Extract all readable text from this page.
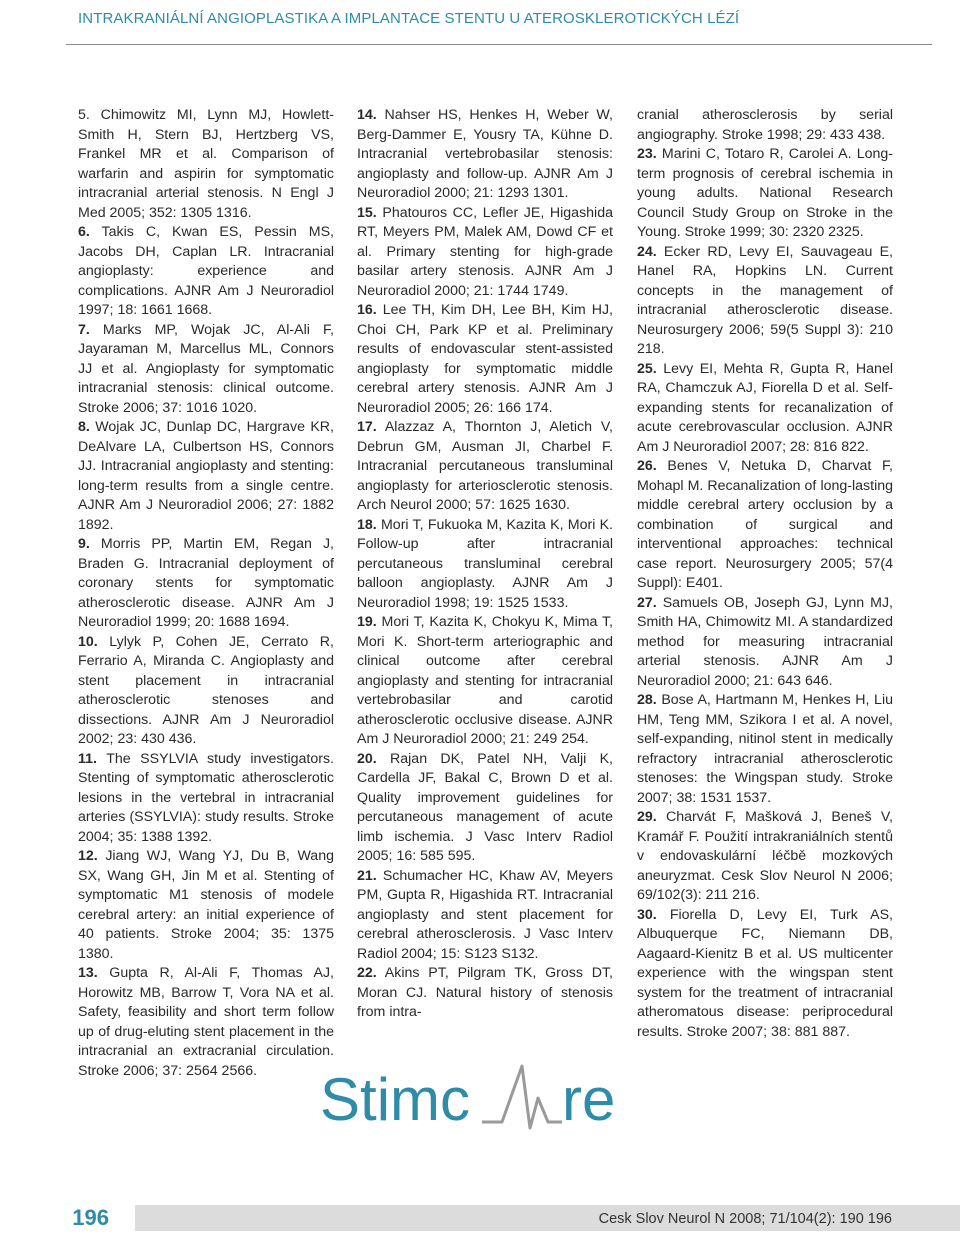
INTRAKRANIÁLNÍ ANGIOPLASTIKA A IMPLANTACE STENTU U ATEROSKLEROTICKÝCH LÉZÍ

5. Chimowitz MI, Lynn MJ, Howlett-Smith H, Stern BJ, Hertzberg VS, Frankel MR et al. Comparison of warfarin and aspirin for symptomatic intracranial arterial stenosis. N Engl J Med 2005; 352: 1305 1316.

6. Takis C, Kwan ES, Pessin MS, Jacobs DH, Caplan LR. Intracranial angioplasty: experience and complications. AJNR Am J Neuroradiol 1997; 18: 1661 1668.

7. Marks MP, Wojak JC, Al-Ali F, Jayaraman M, Marcellus ML, Connors JJ et al. Angioplasty for symptomatic intracranial stenosis: clinical outcome. Stroke 2006; 37: 1016 1020.

8. Wojak JC, Dunlap DC, Hargrave KR, DeAlvare LA, Culbertson HS, Connors JJ. Intracranial angioplasty and stenting: long-term results from a single centre. AJNR Am J Neuroradiol 2006; 27: 1882 1892.

9. Morris PP, Martin EM, Regan J, Braden G. Intracranial deployment of coronary stents for symptomatic atherosclerotic disease. AJNR Am J Neuroradiol 1999; 20: 1688 1694.

10. Lylyk P, Cohen JE, Cerrato R, Ferrario A, Miranda C. Angioplasty and stent placement in intracranial atherosclerotic stenoses and dissections. AJNR Am J Neuroradiol 2002; 23: 430 436.

11. The SSYLVIA study investigators. Stenting of symptomatic atherosclerotic lesions in the vertebral in intracranial arteries (SSYLVIA): study results. Stroke 2004; 35: 1388 1392.

12. Jiang WJ, Wang YJ, Du B, Wang SX, Wang GH, Jin M et al. Stenting of symptomatic M1 stenosis of modele cerebral artery: an initial experience of 40 patients. Stroke 2004; 35: 1375 1380.

13. Gupta R, Al-Ali F, Thomas AJ, Horowitz MB, Barrow T, Vora NA et al. Safety, feasibility and short term follow up of drug-eluting stent placement in the intracranial an extracranial circulation. Stroke 2006; 37: 2564 2566.

14. Nahser HS, Henkes H, Weber W, Berg-Dammer E, Yousry TA, Kühne D. Intracranial vertebrobasilar stenosis: angioplasty and follow-up. AJNR Am J Neuroradiol 2000; 21: 1293 1301.

15. Phatouros CC, Lefler JE, Higashida RT, Meyers PM, Malek AM, Dowd CF et al. Primary stenting for high-grade basilar artery stenosis. AJNR Am J Neuroradiol 2000; 21: 1744 1749.

16. Lee TH, Kim DH, Lee BH, Kim HJ, Choi CH, Park KP et al. Preliminary results of endovascular stent-assisted angioplasty for symptomatic middle cerebral artery stenosis. AJNR Am J Neuroradiol 2005; 26: 166 174.

17. Alazzaz A, Thornton J, Aletich V, Debrun GM, Ausman JI, Charbel F. Intracranial percutaneous transluminal angioplasty for arteriosclerotic stenosis. Arch Neurol 2000; 57: 1625 1630.

18. Mori T, Fukuoka M, Kazita K, Mori K. Follow-up after intracranial percutaneous transluminal cerebral balloon angioplasty. AJNR Am J Neuroradiol 1998; 19: 1525 1533.

19. Mori T, Kazita K, Chokyu K, Mima T, Mori K. Short-term arteriographic and clinical outcome after cerebral angioplasty and stenting for intracranial vertebrobasilar and carotid atherosclerotic occlusive disease. AJNR Am J Neuroradiol 2000; 21: 249 254.

20. Rajan DK, Patel NH, Valji K, Cardella JF, Bakal C, Brown D et al. Quality improvement guidelines for percutaneous management of acute limb ischemia. J Vasc Interv Radiol 2005; 16: 585 595.

21. Schumacher HC, Khaw AV, Meyers PM, Gupta R, Higashida RT. Intracranial angioplasty and stent placement for cerebral atherosclerosis. J Vasc Interv Radiol 2004; 15: S123 S132.

22. Akins PT, Pilgram TK, Gross DT, Moran CJ. Natural history of stenosis from intra-

cranial atherosclerosis by serial angiography. Stroke 1998; 29: 433 438.

23. Marini C, Totaro R, Carolei A. Long-term prognosis of cerebral ischemia in young adults. National Research Council Study Group on Stroke in the Young. Stroke 1999; 30: 2320 2325.

24. Ecker RD, Levy EI, Sauvageau E, Hanel RA, Hopkins LN. Current concepts in the management of intracranial atherosclerotic disease. Neurosurgery 2006; 59(5 Suppl 3): 210 218.

25. Levy EI, Mehta R, Gupta R, Hanel RA, Chamczuk AJ, Fiorella D et al. Self-expanding stents for recanalization of acute cerebrovascular occlusion. AJNR Am J Neuroradiol 2007; 28: 816 822.

26. Benes V, Netuka D, Charvat F, Mohapl M. Recanalization of long-lasting middle cerebral artery occlusion by a combination of surgical and interventional approaches: technical case report. Neurosurgery 2005; 57(4 Suppl): E401.

27. Samuels OB, Joseph GJ, Lynn MJ, Smith HA, Chimowitz MI. A standardized method for measuring intracranial arterial stenosis. AJNR Am J Neuroradiol 2000; 21: 643 646.

28. Bose A, Hartmann M, Henkes H, Liu HM, Teng MM, Szikora I et al. A novel, self-expanding, nitinol stent in medically refractory intracranial atherosclerotic stenoses: the Wingspan study. Stroke 2007; 38: 1531 1537.

29. Charvát F, Mašková J, Beneš V, Kramář F. Použití intrakraniálních stentů v endovaskulární léčbě mozkových aneuryzmat. Cesk Slov Neurol N 2006; 69/102(3): 211 216.

30. Fiorella D, Levy EI, Turk AS, Albuquerque FC, Niemann DB, Aagaard-Kienitz B et al. US multicenter experience with the wingspan stent system for the treatment of intracranial atheromatous disease: periprocedural results. Stroke 2007; 38: 881 887.

Stimc re
196	Cesk Slov Neurol N 2008; 71/104(2): 190 196
